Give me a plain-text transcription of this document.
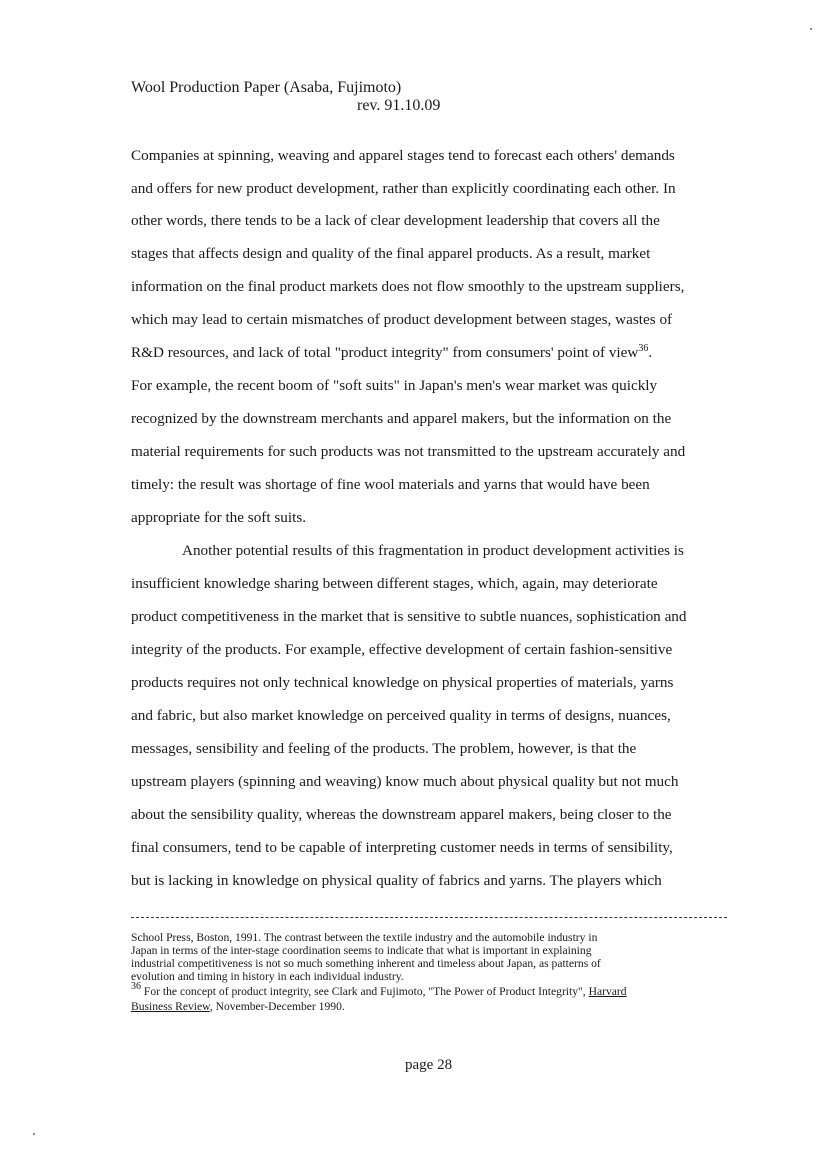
Wool Production Paper (Asaba, Fujimoto)
rev. 91.10.09
Companies at spinning, weaving and apparel stages tend to forecast each others' demands
and offers for new product development, rather than explicitly coordinating each other. In
other words, there tends to be a lack of clear development leadership that covers all the
stages that affects design and quality of the final apparel products. As a result, market
information on the final product markets does not flow smoothly to the upstream suppliers,
which may lead to certain mismatches of product development between stages, wastes of
R&D resources, and lack of total "product integrity" from consumers' point of view$^{36}$.
For example, the recent boom of "soft suits" in Japan's men's wear market was quickly
recognized by the downstream merchants and apparel makers, but the information on the
material requirements for such products was not transmitted to the upstream accurately and
timely: the result was shortage of fine wool materials and yarns that would have been
appropriate for the soft suits.
Another potential results of this fragmentation in product development activities is
insufficient knowledge sharing between different stages, which, again, may deteriorate
product competitiveness in the market that is sensitive to subtle nuances, sophistication and
integrity of the products. For example, effective development of certain fashion-sensitive
products requires not only technical knowledge on physical properties of materials, yarns
and fabric, but also market knowledge on perceived quality in terms of designs, nuances,
messages, sensibility and feeling of the products. The problem, however, is that the
upstream players (spinning and weaving) know much about physical quality but not much
about the sensibility quality, whereas the downstream apparel makers, being closer to the
final consumers, tend to be capable of interpreting customer needs in terms of sensibility,
but is lacking in knowledge on physical quality of fabrics and yarns. The players which
School Press, Boston, 1991. The contrast between the textile industry and the automobile industry in
Japan in terms of the inter-stage coordination seems to indicate that what is important in explaining
industrial competitiveness is not so much something inherent and timeless about Japan, as patterns of
evolution and timing in history in each individual industry.
$^{36}$ For the concept of product integrity, see Clark and Fujimoto, "The Power of Product Integrity", Harvard
Business Review, November-December 1990.
page 28
